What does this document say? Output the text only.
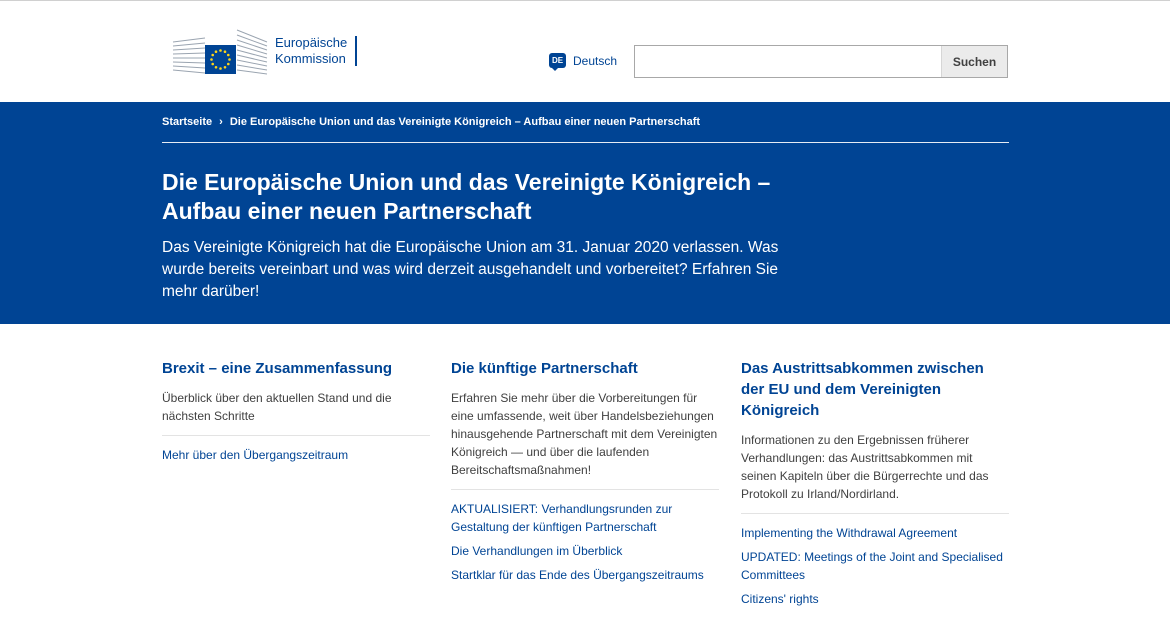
Europäische
Kommission	DE Deutsch	Suchen
Startseite › Die Europäische Union und das Vereinigte Königreich – Aufbau einer neuen Partnerschaft
Die Europäische Union und das Vereinigte Königreich – Aufbau einer neuen Partnerschaft
Das Vereinigte Königreich hat die Europäische Union am 31. Januar 2020 verlassen. Was wurde bereits vereinbart und was wird derzeit ausgehandelt und vorbereitet? Erfahren Sie mehr darüber!
Brexit – eine Zusammenfassung

Überblick über den aktuellen Stand und die nächsten Schritte

Mehr über den Übergangszeitraum
Die künftige Partnerschaft

Erfahren Sie mehr über die Vorbereitungen für eine umfassende, weit über Handelsbeziehungen hinausgehende Partnerschaft mit dem Vereinigten Königreich — und über die laufenden Bereitschaftsmaßnahmen!

AKTUALISIERT: Verhandlungsrunden zur Gestaltung der künftigen Partnerschaft
Die Verhandlungen im Überblick
Startklar für das Ende des Übergangszeitraums
Das Austrittsabkommen zwischen der EU und dem Vereinigten Königreich

Informationen zu den Ergebnissen früherer Verhandlungen: das Austrittsabkommen mit seinen Kapiteln über die Bürgerrechte und das Protokoll zu Irland/Nordirland.

Implementing the Withdrawal Agreement
UPDATED: Meetings of the Joint and Specialised Committees
Citizens' rights
